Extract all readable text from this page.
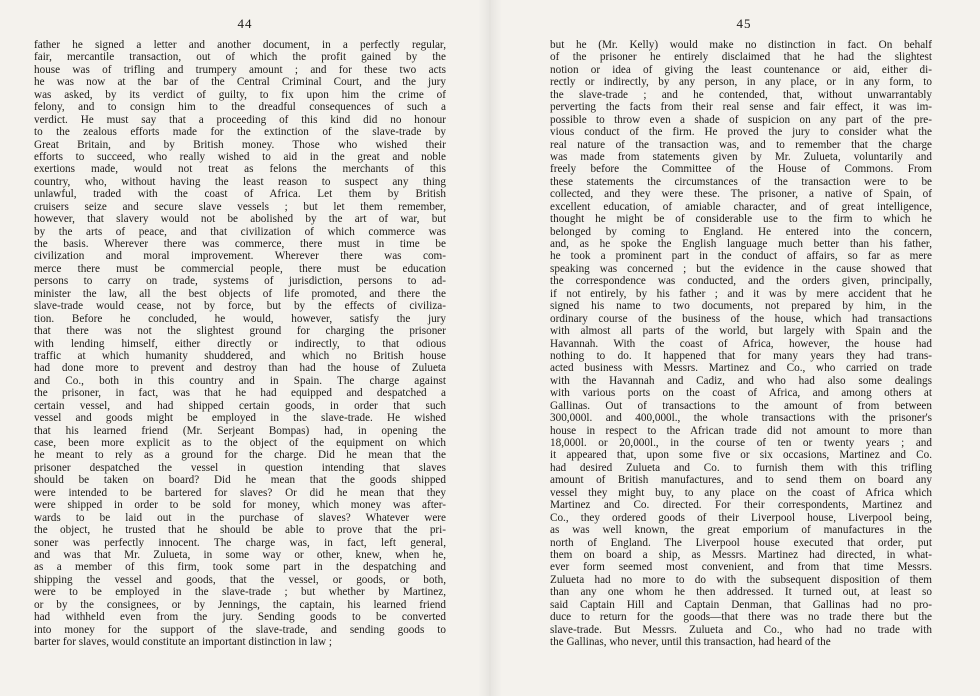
44
father he signed a letter and another document, in a perfectly regular,
fair, mercantile transaction, out of which the profit gained by the
house was of trifling and trumpery amount ; and for these two acts
he was now at the bar of the Central Criminal Court, and the jury
was asked, by its verdict of guilty, to fix upon him the crime of
felony, and to consign him to the dreadful consequences of such a
verdict. He must say that a proceeding of this kind did no honour
to the zealous efforts made for the extinction of the slave-trade by
Great Britain, and by British money. Those who wished their
efforts to succeed, who really wished to aid in the great and noble
exertions made, would not treat as felons the merchants of this
country, who, without having the least reason to suspect any thing
unlawful, traded with the coast of Africa. Let them by British
cruisers seize and secure slave vessels ; but let them remember,
however, that slavery would not be abolished by the art of war, but
by the arts of peace, and that civilization of which commerce was
the basis. Wherever there was commerce, there must in time be
civilization and moral improvement. Wherever there was com-
merce there must be commercial people, there must be education
persons to carry on trade, systems of jurisdiction, persons to ad-
minister the law, all the best objects of life promoted, and there the
slave-trade would cease, not by force, but by the effects of civiliza-
tion. Before he concluded, he would, however, satisfy the jury
that there was not the slightest ground for charging the prisoner
with lending himself, either directly or indirectly, to that odious
traffic at which humanity shuddered, and which no British house
had done more to prevent and destroy than had the house of Zulueta
and Co., both in this country and in Spain. The charge against
the prisoner, in fact, was that he had equipped and despatched a
certain vessel, and had shipped certain goods, in order that such
vessel and goods might be employed in the slave-trade. He wished
that his learned friend (Mr. Serjeant Bompas) had, in opening the
case, been more explicit as to the object of the equipment on which
he meant to rely as a ground for the charge. Did he mean that the
prisoner despatched the vessel in question intending that slaves
should be taken on board? Did he mean that the goods shipped
were intended to be bartered for slaves? Or did he mean that they
were shipped in order to be sold for money, which money was after-
wards to be laid out in the purchase of slaves? Whatever were
the object, he trusted that he should be able to prove that the pri-
soner was perfectly innocent. The charge was, in fact, left general,
and was that Mr. Zulueta, in some way or other, knew, when he,
as a member of this firm, took some part in the despatching and
shipping the vessel and goods, that the vessel, or goods, or both,
were to be employed in the slave-trade ; but whether by Martinez,
or by the consignees, or by Jennings, the captain, his learned friend
had withheld even from the jury. Sending goods to be converted
into money for the support of the slave-trade, and sending goods to
barter for slaves, would constitute an important distinction in law ;
45
but he (Mr. Kelly) would make no distinction in fact. On behalf
of the prisoner he entirely disclaimed that he had the slightest
notion or idea of giving the least countenance or aid, either di-
rectly or indirectly, by any person, in any place, or in any form, to
the slave-trade ; and he contended, that, without unwarrantably
perverting the facts from their real sense and fair effect, it was im-
possible to throw even a shade of suspicion on any part of the pre-
vious conduct of the firm. He proved the jury to consider what the
real nature of the transaction was, and to remember that the charge
was made from statements given by Mr. Zulueta, voluntarily and
freely before the Committee of the House of Commons. From
these statements the circumstances of the transaction were to be
collected, and they were these. The prisoner, a native of Spain, of
excellent education, of amiable character, and of great intelligence,
thought he might be of considerable use to the firm to which he
belonged by coming to England. He entered into the concern,
and, as he spoke the English language much better than his father,
he took a prominent part in the conduct of affairs, so far as mere
speaking was concerned ; but the evidence in the cause showed that
the correspondence was conducted, and the orders given, principally,
if not entirely, by his father ; and it was by mere accident that he
signed his name to two documents, not prepared by him, in the
ordinary course of the business of the house, which had transactions
with almost all parts of the world, but largely with Spain and the
Havannah. With the coast of Africa, however, the house had
nothing to do. It happened that for many years they had trans-
acted business with Messrs. Martinez and Co., who carried on trade
with the Havannah and Cadiz, and who had also some dealings
with various ports on the coast of Africa, and among others at
Gallinas. Out of transactions to the amount of from between
300,000l. and 400,000l., the whole transactions with the prisoner's
house in respect to the African trade did not amount to more than
18,000l. or 20,000l., in the course of ten or twenty years ; and
it appeared that, upon some five or six occasions, Martinez and Co.
had desired Zulueta and Co. to furnish them with this trifling
amount of British manufactures, and to send them on board any
vessel they might buy, to any place on the coast of Africa which
Martinez and Co. directed. For their correspondents, Martinez and
Co., they ordered goods of their Liverpool house, Liverpool being,
as was well known, the great emporium of manufactures in the
north of England. The Liverpool house executed that order, put
them on board a ship, as Messrs. Martinez had directed, in what-
ever form seemed most convenient, and from that time Messrs.
Zulueta had no more to do with the subsequent disposition of them
than any one whom he then addressed. It turned out, at least so
said Captain Hill and Captain Denman, that Gallinas had no pro-
duce to return for the goods—that there was no trade there but the
slave-trade. But Messrs. Zulueta and Co., who had no trade with
the Gallinas, who never, until this transaction, had heard of the
